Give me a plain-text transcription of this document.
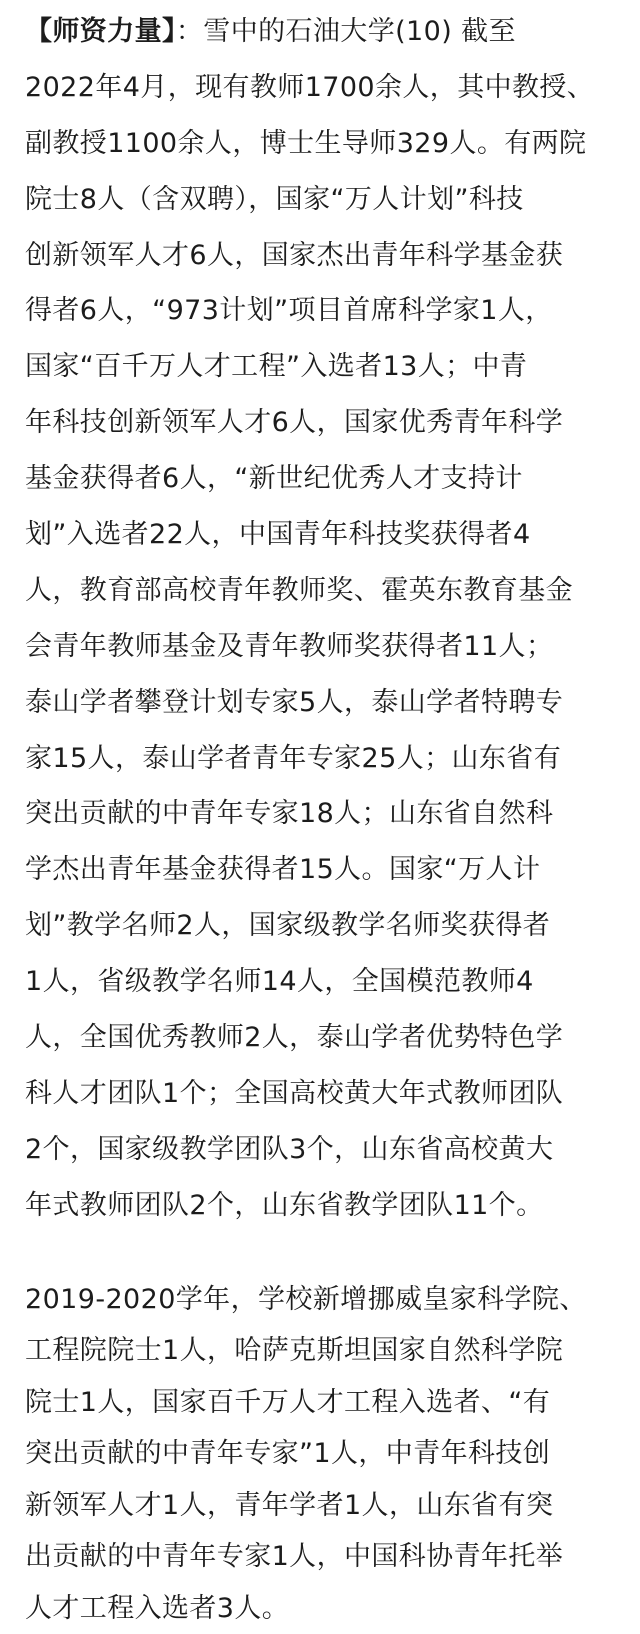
【师资力量】：雪中的石油大学(10) 截至
2022年4月，现有教师1700余人，其中教授、
副教授1100余人，博士生导师329人。有两院
院士8人（含双聘），国家“万人计划”科技
创新领军人才6人，国家杰出青年科学基金获
得者6人，“973计划”项目首席科学家1人，
国家“百千万人才工程”入选者13人；中青
年科技创新领军人才6人，国家优秀青年科学
基金获得者6人，“新世纪优秀人才支持计
划”入选者22人，中国青年科技奖获得者4
人，教育部高校青年教师奖、霍英东教育基金
会青年教师基金及青年教师奖获得者11人；
泰山学者攀登计划专家5人，泰山学者特聘专
家15人，泰山学者青年专家25人；山东省有
突出贡献的中青年专家18人；山东省自然科
学杰出青年基金获得者15人。国家“万人计
划”教学名师2人，国家级教学名师奖获得者
1人，省级教学名师14人，全国模范教师4
人，全国优秀教师2人，泰山学者优势特色学
科人才团队1个；全国高校黄大年式教师团队
2个，国家级教学团队3个，山东省高校黄大
年式教师团队2个，山东省教学团队11个。
2019-2020学年，学校新增挪威皇家科学院、
工程院院士1人，哈萨克斯坦国家自然科学院
院士1人，国家百千万人才工程入选者、“有
突出贡献的中青年专家”1人，中青年科技创
新领军人才1人，青年学者1人，山东省有突
出贡献的中青年专家1人，中国科协青年托举
人才工程入选者3人。
